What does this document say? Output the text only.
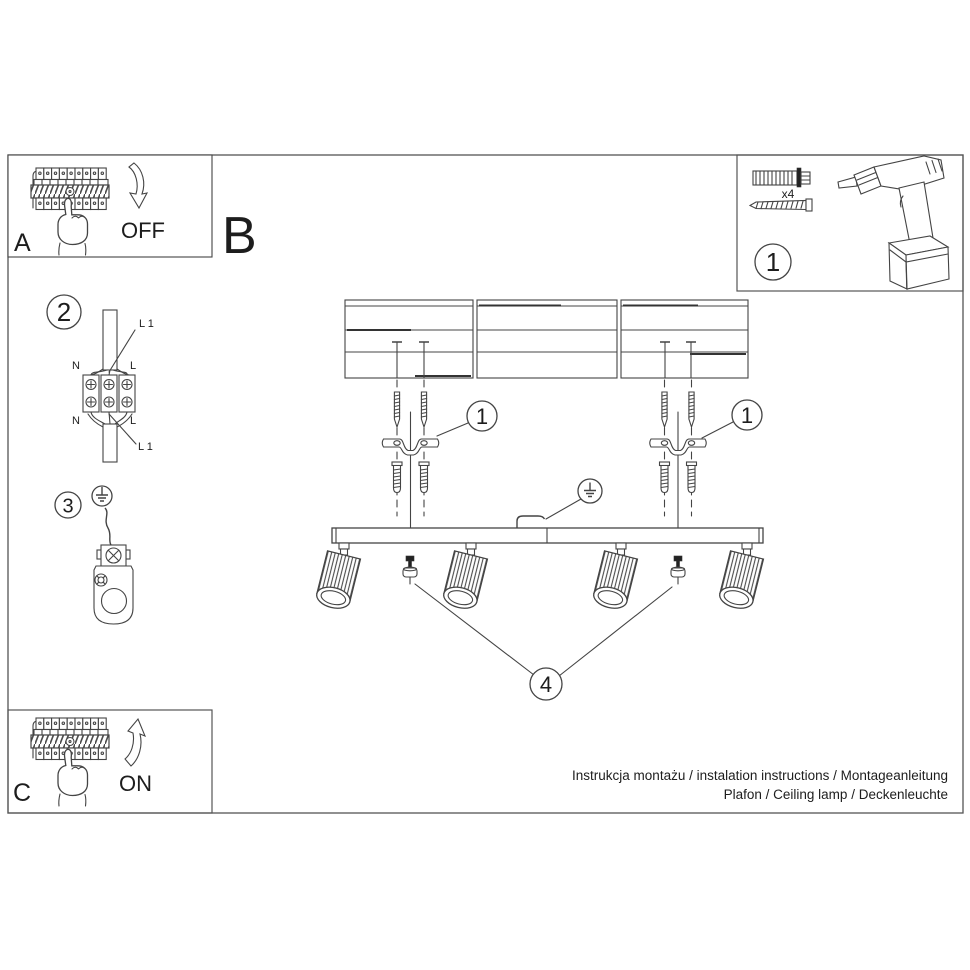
OFF
A	B
x4
1
2
N	L
N	L
L 1
L 1
3
1	1
4
ON
C
Instrukcja montażu / instalation instructions / Montageanleitung
Plafon / Ceiling lamp / Deckenleuchte
